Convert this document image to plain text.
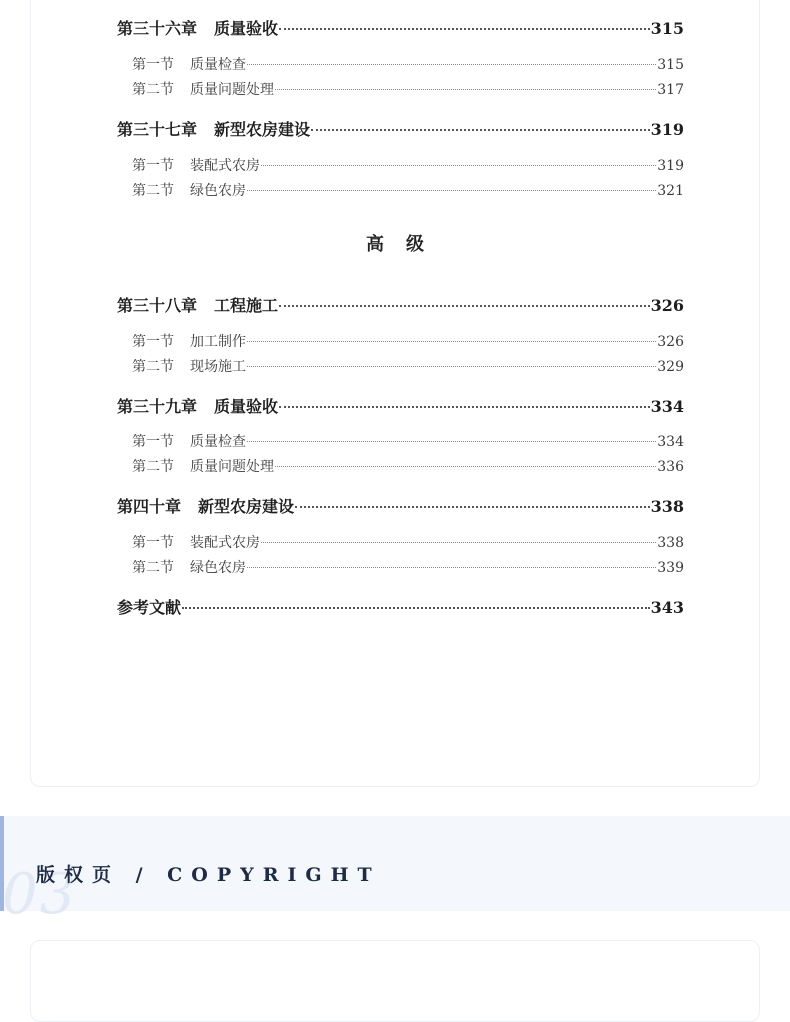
第三十六章 质量验收	315
第一节 质量检查	315
第二节 质量问题处理	317
第三十七章 新型农房建设	319
第一节 装配式农房	319
第二节 绿色农房	321
第三十八章 工程施工	326
第一节 加工制作	326
第二节 现场施工	329
第三十九章 质量验收	334
第一节 质量检查	334
第二节 质量问题处理	336
第四十章 新型农房建设	338
第一节 装配式农房	338
第二节 绿色农房	339
参考文献	343
高级
03
版权页 / COPYRIGHT
